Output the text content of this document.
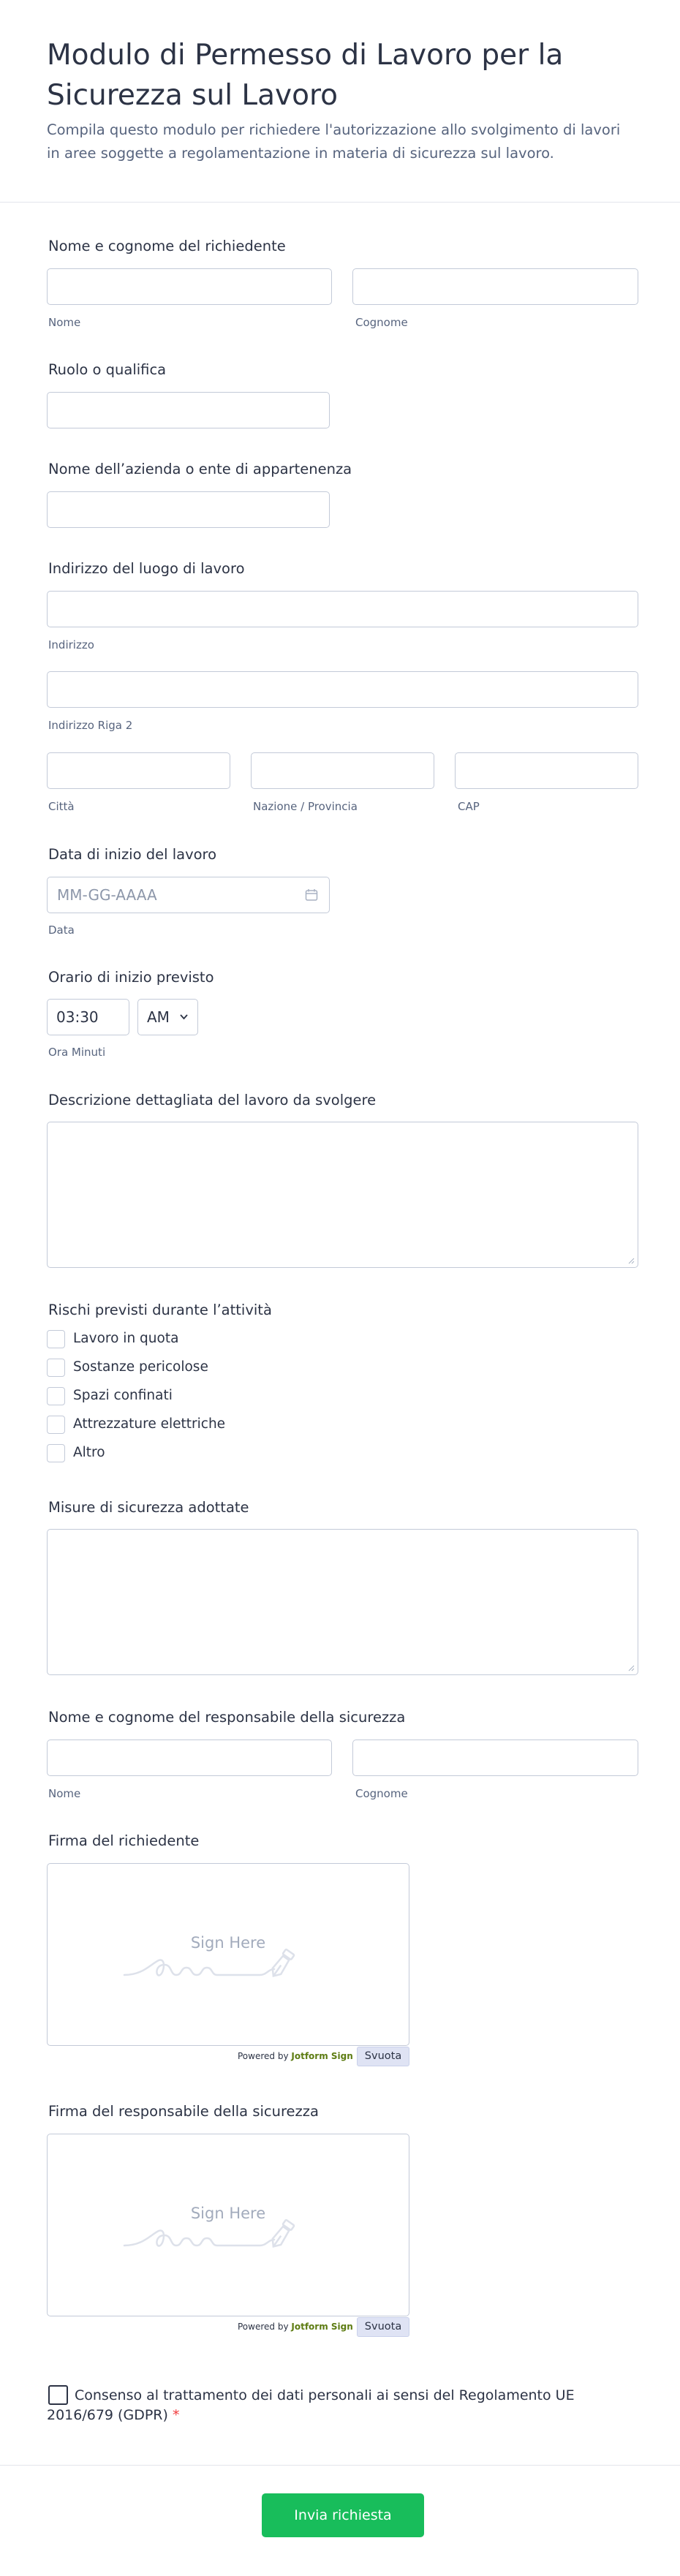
Modulo di Permesso di Lavoro per la Sicurezza sul Lavoro

Compila questo modulo per richiedere l'autorizzazione allo svolgimento di lavori in aree soggette a regolamentazione in materia di sicurezza sul lavoro.

Nome e cognome del richiedente
Nome	Cognome
Ruolo o qualifica
Nome dell’azienda o ente di appartenenza
Indirizzo del luogo di lavoro
Indirizzo
Indirizzo Riga 2
Città	Nazione / Provincia	CAP
Data di inizio del lavoro
MM-GG-AAAA
Data
Orario di inizio previsto
03:30	AM
Ora Minuti
Descrizione dettagliata del lavoro da svolgere
Rischi previsti durante l’attività
Lavoro in quota
Sostanze pericolose
Spazi confinati
Attrezzature elettriche
Altro
Misure di sicurezza adottate
Nome e cognome del responsabile della sicurezza
Nome	Cognome
Firma del richiedente
Sign Here
Powered by Jotform Sign	Svuota
Firma del responsabile della sicurezza
Sign Here
Powered by Jotform Sign	Svuota
Consenso al trattamento dei dati personali ai sensi del Regolamento UE 2016/679 (GDPR) *
Invia richiesta
